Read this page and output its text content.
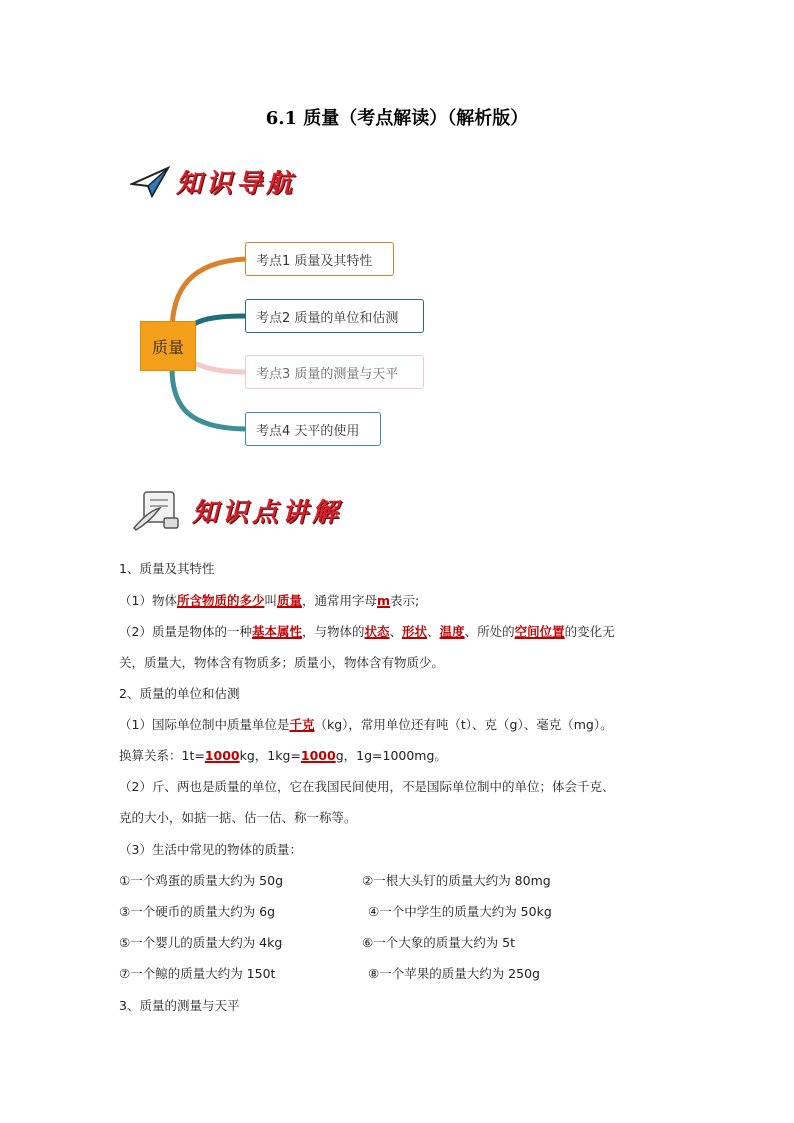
6.1 质量（考点解读）（解析版）
知识导航
质量
考点1 质量及其特性
考点2 质量的单位和估测
考点3 质量的测量与天平
考点4 天平的使用
知识点讲解
1、质量及其特性
（1）物体所含物质的多少叫质量，通常用字母m表示;
（2）质量是物体的一种基本属性，与物体的状态、形状、温度、所处的空间位置的变化无
关，质量大，物体含有物质多；质量小，物体含有物质少。
2、质量的单位和估测
（1）国际单位制中质量单位是千克（kg），常用单位还有吨（t）、克（g）、毫克（mg）。
换算关系：1t=1000kg，1kg=1000g，1g=1000mg。
（2）斤、两也是质量的单位，它在我国民间使用，不是国际单位制中的单位；体会千克、
克的大小，如掂一掂、估一估、称一称等。
（3）生活中常见的物体的质量：
①一个鸡蛋的质量大约为 50g	②一根大头钉的质量大约为 80mg
③一个硬币的质量大约为 6g	④一个中学生的质量大约为 50kg
⑤一个婴儿的质量大约为 4kg	⑥一个大象的质量大约为 5t
⑦一个鲸的质量大约为 150t	⑧一个苹果的质量大约为 250g
3、质量的测量与天平
